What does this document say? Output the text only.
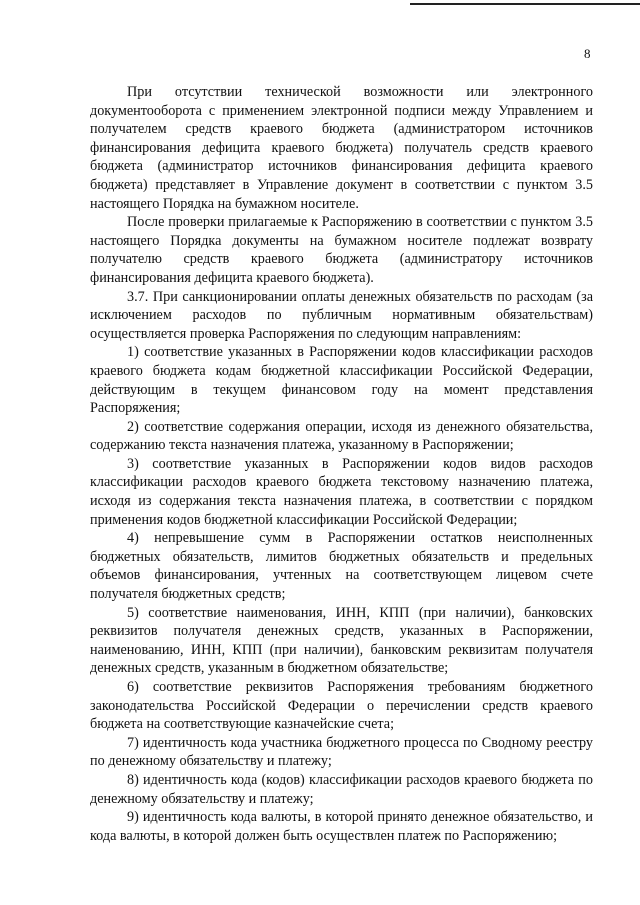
8

При отсутствии технической возможности или электронного документооборота с применением электронной подписи между Управлением и получателем средств краевого бюджета (администратором источников финансирования дефицита краевого бюджета) получатель средств краевого бюджета (администратор источников финансирования дефицита краевого бюджета) представляет в Управление документ в соответствии с пунктом 3.5 настоящего Порядка на бумажном носителе.

После проверки прилагаемые к Распоряжению в соответствии с пунктом 3.5 настоящего Порядка документы на бумажном носителе подлежат возврату получателю средств краевого бюджета (администратору источников финансирования дефицита краевого бюджета).

3.7. При санкционировании оплаты денежных обязательств по расходам (за исключением расходов по публичным нормативным обязательствам) осуществляется проверка Распоряжения по следующим направлениям:

1) соответствие указанных в Распоряжении кодов классификации расходов краевого бюджета кодам бюджетной классификации Российской Федерации, действующим в текущем финансовом году на момент представления Распоряжения;

2) соответствие содержания операции, исходя из денежного обязательства, содержанию текста назначения платежа, указанному в Распоряжении;

3) соответствие указанных в Распоряжении кодов видов расходов классификации расходов краевого бюджета текстовому назначению платежа, исходя из содержания текста назначения платежа, в соответствии с порядком применения кодов бюджетной классификации Российской Федерации;

4) непревышение сумм в Распоряжении остатков неисполненных бюджетных обязательств, лимитов бюджетных обязательств и предельных объемов финансирования, учтенных на соответствующем лицевом счете получателя бюджетных средств;

5) соответствие наименования, ИНН, КПП (при наличии), банковских реквизитов получателя денежных средств, указанных в Распоряжении, наименованию, ИНН, КПП (при наличии), банковским реквизитам получателя денежных средств, указанным в бюджетном обязательстве;

6) соответствие реквизитов Распоряжения требованиям бюджетного законодательства Российской Федерации о перечислении средств краевого бюджета на соответствующие казначейские счета;

7) идентичность кода участника бюджетного процесса по Сводному реестру по денежному обязательству и платежу;

8) идентичность кода (кодов) классификации расходов краевого бюджета по денежному обязательству и платежу;

9) идентичность кода валюты, в которой принято денежное обязательство, и кода валюты, в которой должен быть осуществлен платеж по Распоряжению;
